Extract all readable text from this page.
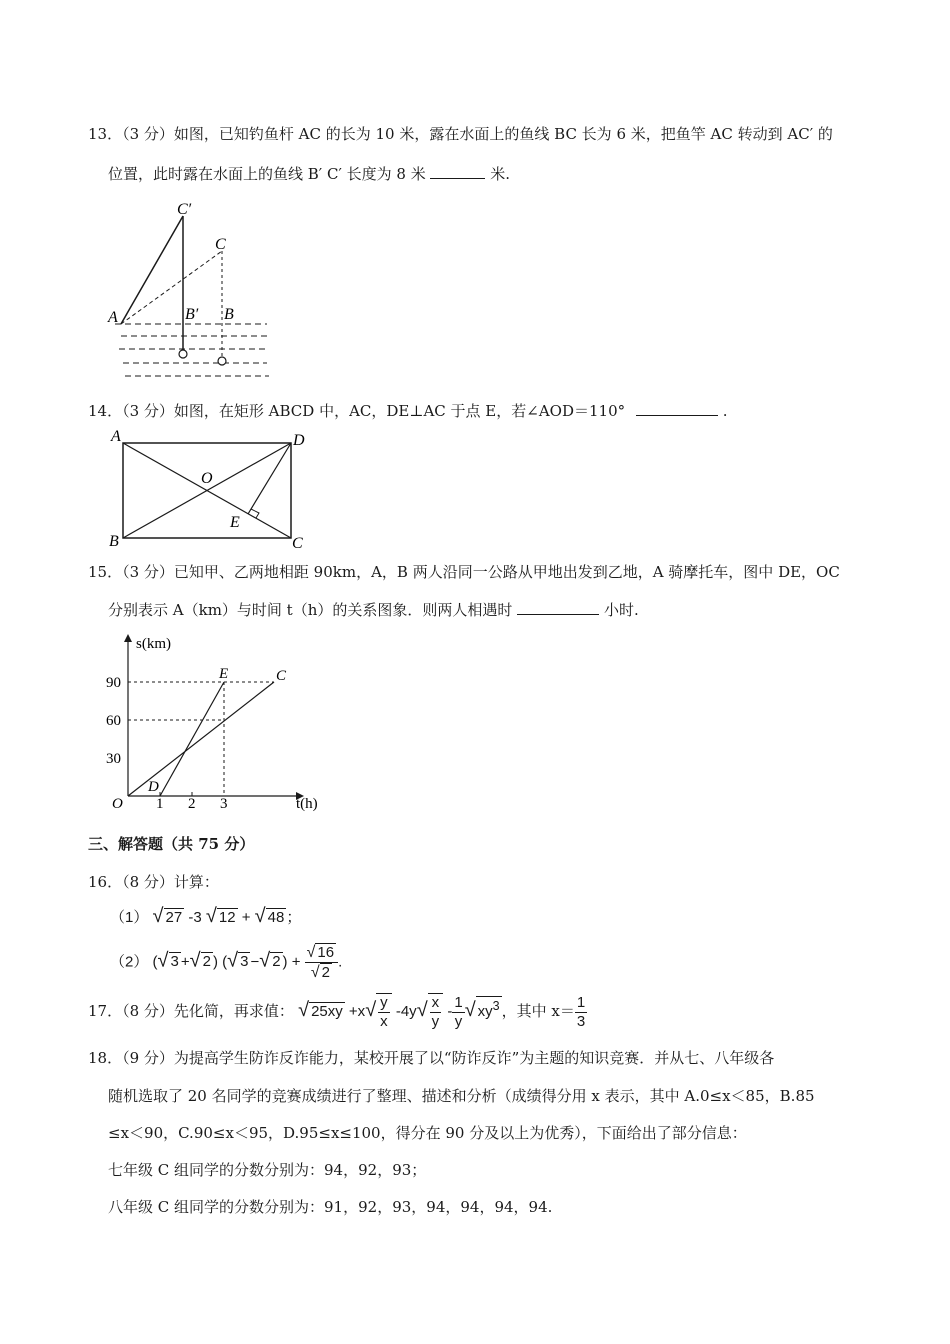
13．（3 分）如图，已知钓鱼杆 AC 的长为 10 米，露在水面上的鱼线 BC 长为 6 米，把鱼竿 AC 转动到 AC′ 的
位置，此时露在水面上的鱼线 B′ C′ 长度为 8 米	米.
C′
C
A	B′ B
14．（3 分）如图，在矩形 ABCD 中，AC，DE⊥AC 于点 E，若∠AOD＝110°	.
A	D
B	C
O
E
15．（3 分）已知甲、乙两地相距 90km，A，B 两人沿同一公路从甲地出发到乙地，A 骑摩托车，图中 DE，OC
分别表示 A（km）与时间 t（h）的关系图象．则两人相遇时	小时.
s(km)
t(h)
90
60
30
1 2 3
O
D
E	C
三、解答题（共 75 分）
16．（8 分）计算：
（1） √ 27 -3 √ 12 + √ 48 ；
（2） (√ 3 +√ 2 ) (√ 3 −√ 2 ) + $\frac{√ 16}{√ 2}$ .
17．（8 分）先化简，再求值： √ $25xy +x√ \frac{y}{x} -4y√ \frac{x}{y} - \frac{1}{y}$ √ $xy^3$ ，其中 $x= \frac{1}{3}$
18．（9 分）为提高学生防诈反诈能力，某校开展了以“防诈反诈”为主题的知识竞赛．并从七、八年级各
随机选取了 20 名同学的竞赛成绩进行了整理、描述和分析（成绩得分用 x 表示，其中 A.0≤x＜85，B.85
≤x＜90，C.90≤x＜95，D.95≤x≤100，得分在 90 分及以上为优秀），下面给出了部分信息：
七年级 C 组同学的分数分别为：94，92，93；
八年级 C 组同学的分数分别为：91，92，93，94，94，94，94.
